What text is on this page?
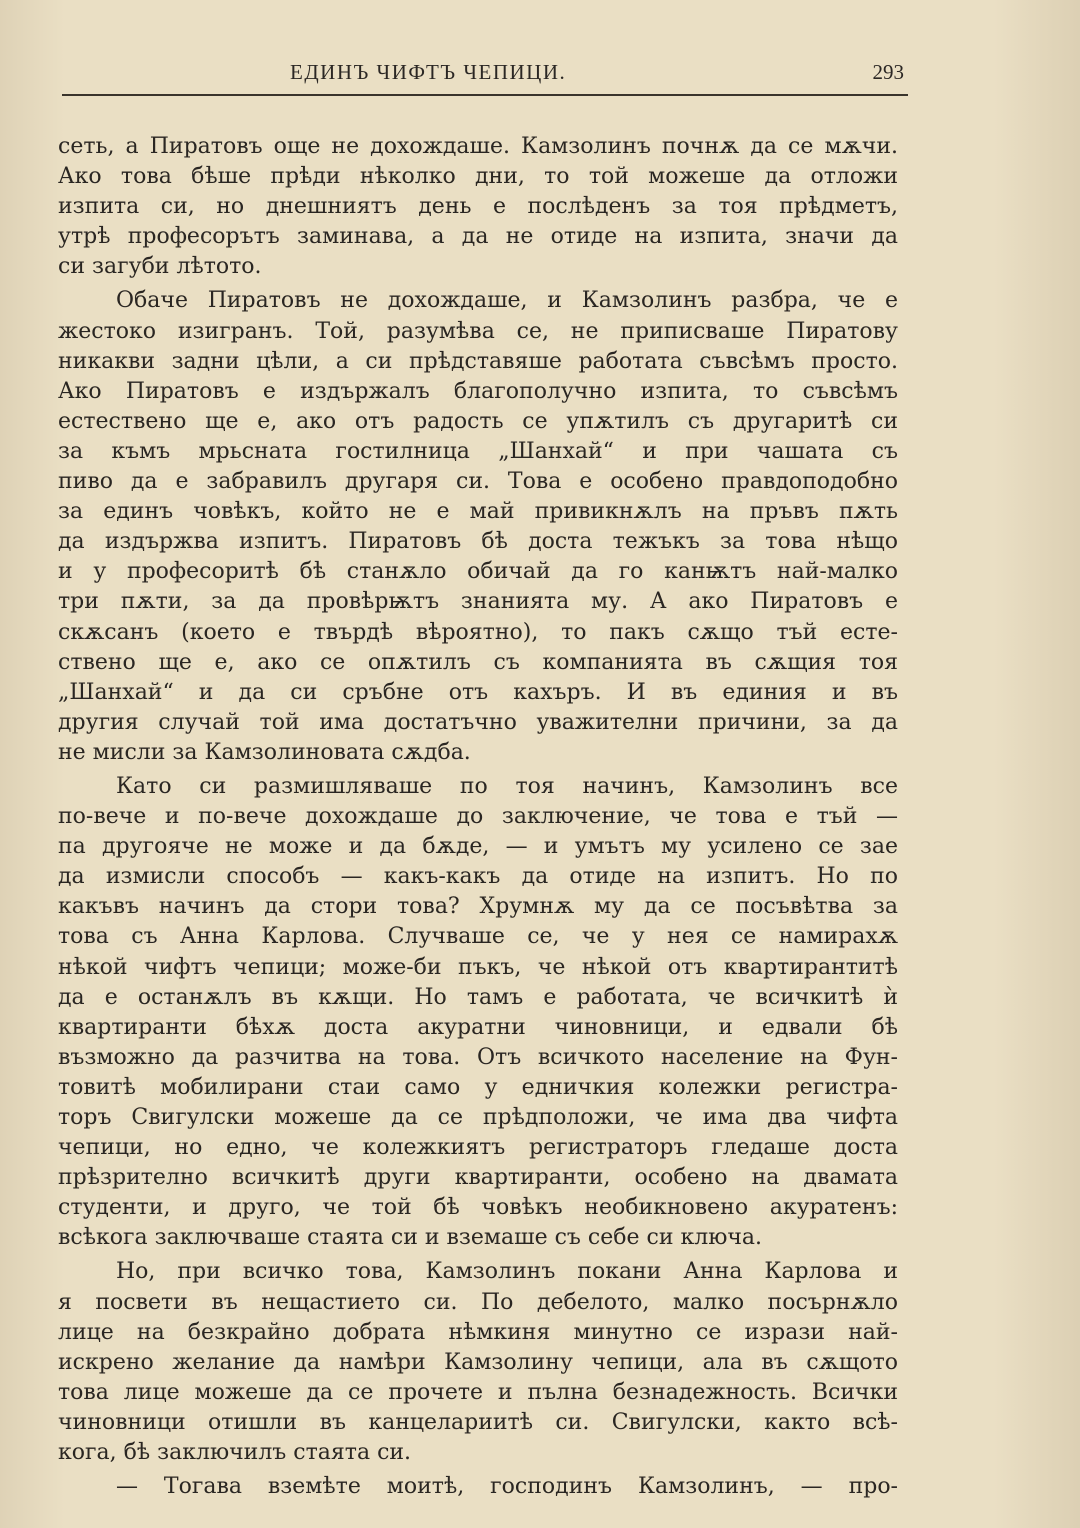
ЕДИНЪ ЧИФТЪ ЧЕПИЦИ.	293

сеть, а Пиратовъ още не дохождаше. Камзолинъ почнѫ да се мѫчи.
Ако това бѣше прѣди нѣколко дни, то той можеше да отложи
изпита си, но днешниятъ день е послѣденъ за тоя прѣдметъ,
утрѣ професорътъ заминава, а да не отиде на изпита, значи да
си загуби лѣтото.

Обаче Пиратовъ не дохождаше, и Камзолинъ разбра, че е
жестоко изигранъ. Той, разумѣва се, не приписваше Пиратову
никакви задни цѣли, а си прѣдставяше работата съвсѣмъ просто.
Ако Пиратовъ е издържалъ благополучно изпита, то съвсѣмъ
естествено ще е, ако отъ радость се упѫтилъ съ другаритѣ си
за къмъ мрьсната гостилница „Шанхай“ и при чашата съ
пиво да е забравилъ другаря си. Това е особено правдоподобно
за единъ човѣкъ, който не е май привикнѫлъ на пръвъ пѫть
да издържва изпитъ. Пиратовъ бѣ доста тежъкъ за това нѣщо
и у професоритѣ бѣ станѫло обичай да го канѭтъ най-малко
три пѫти, за да провѣрѭтъ знанията му. А ако Пиратовъ е
скѫсанъ (което е твърдѣ вѣроятно), то пакъ сѫщо тъй есте-
ствено ще е, ако се опѫтилъ съ компанията въ сѫщия тоя
„Шанхай“ и да си сръбне отъ кахъръ. И въ единия и въ
другия случай той има достатъчно уважителни причини, за да
не мисли за Камзолиновата сѫдба.

Като си размишляваше по тоя начинъ, Камзолинъ все
по-вече и по-вече дохождаше до заключение, че това е тъй —
па другояче не може и да бѫде, — и умътъ му усилено се зае
да измисли способъ — какъ-какъ да отиде на изпитъ. Но по
какъвъ начинъ да стори това? Хрумнѫ му да се посъвѣтва за
това съ Анна Карлова. Случваше се, че у нея се намирахѫ
нѣкой чифтъ чепици; може-би пъкъ, че нѣкой отъ квартирантитѣ
да е останѫлъ въ кѫщи. Но тамъ е работата, че всичкитѣ ѝ
квартиранти бѣхѫ доста акуратни чиновници, и едвали бѣ
възможно да разчитва на това. Отъ всичкото население на Фун-
товитѣ мобилирани стаи само у едничкия колежки регистра-
торъ Свигулски можеше да се прѣдположи, че има два чифта
чепици, но едно, че колежкиятъ регистраторъ гледаше доста
прѣзрително всичкитѣ други квартиранти, особено на двамата
студенти, и друго, че той бѣ човѣкъ необикновено акуратенъ:
всѣкога заключваше стаята си и вземаше съ себе си ключа.

Но, при всичко това, Камзолинъ покани Анна Карлова и
я посвети въ нещастието си. По дебелото, малко посърнѫло
лице на безкрайно добрата нѣмкиня минутно се изрази най-
искрено желание да намѣри Камзолину чепици, ала въ сѫщото
това лице можеше да се прочете и пълна безнадежность. Всички
чиновници отишли въ канцелариитѣ си. Свигулски, както всѣ-
кога, бѣ заключилъ стаята си.

— Тогава вземѣте моитѣ, господинъ Камзолинъ, — про-
